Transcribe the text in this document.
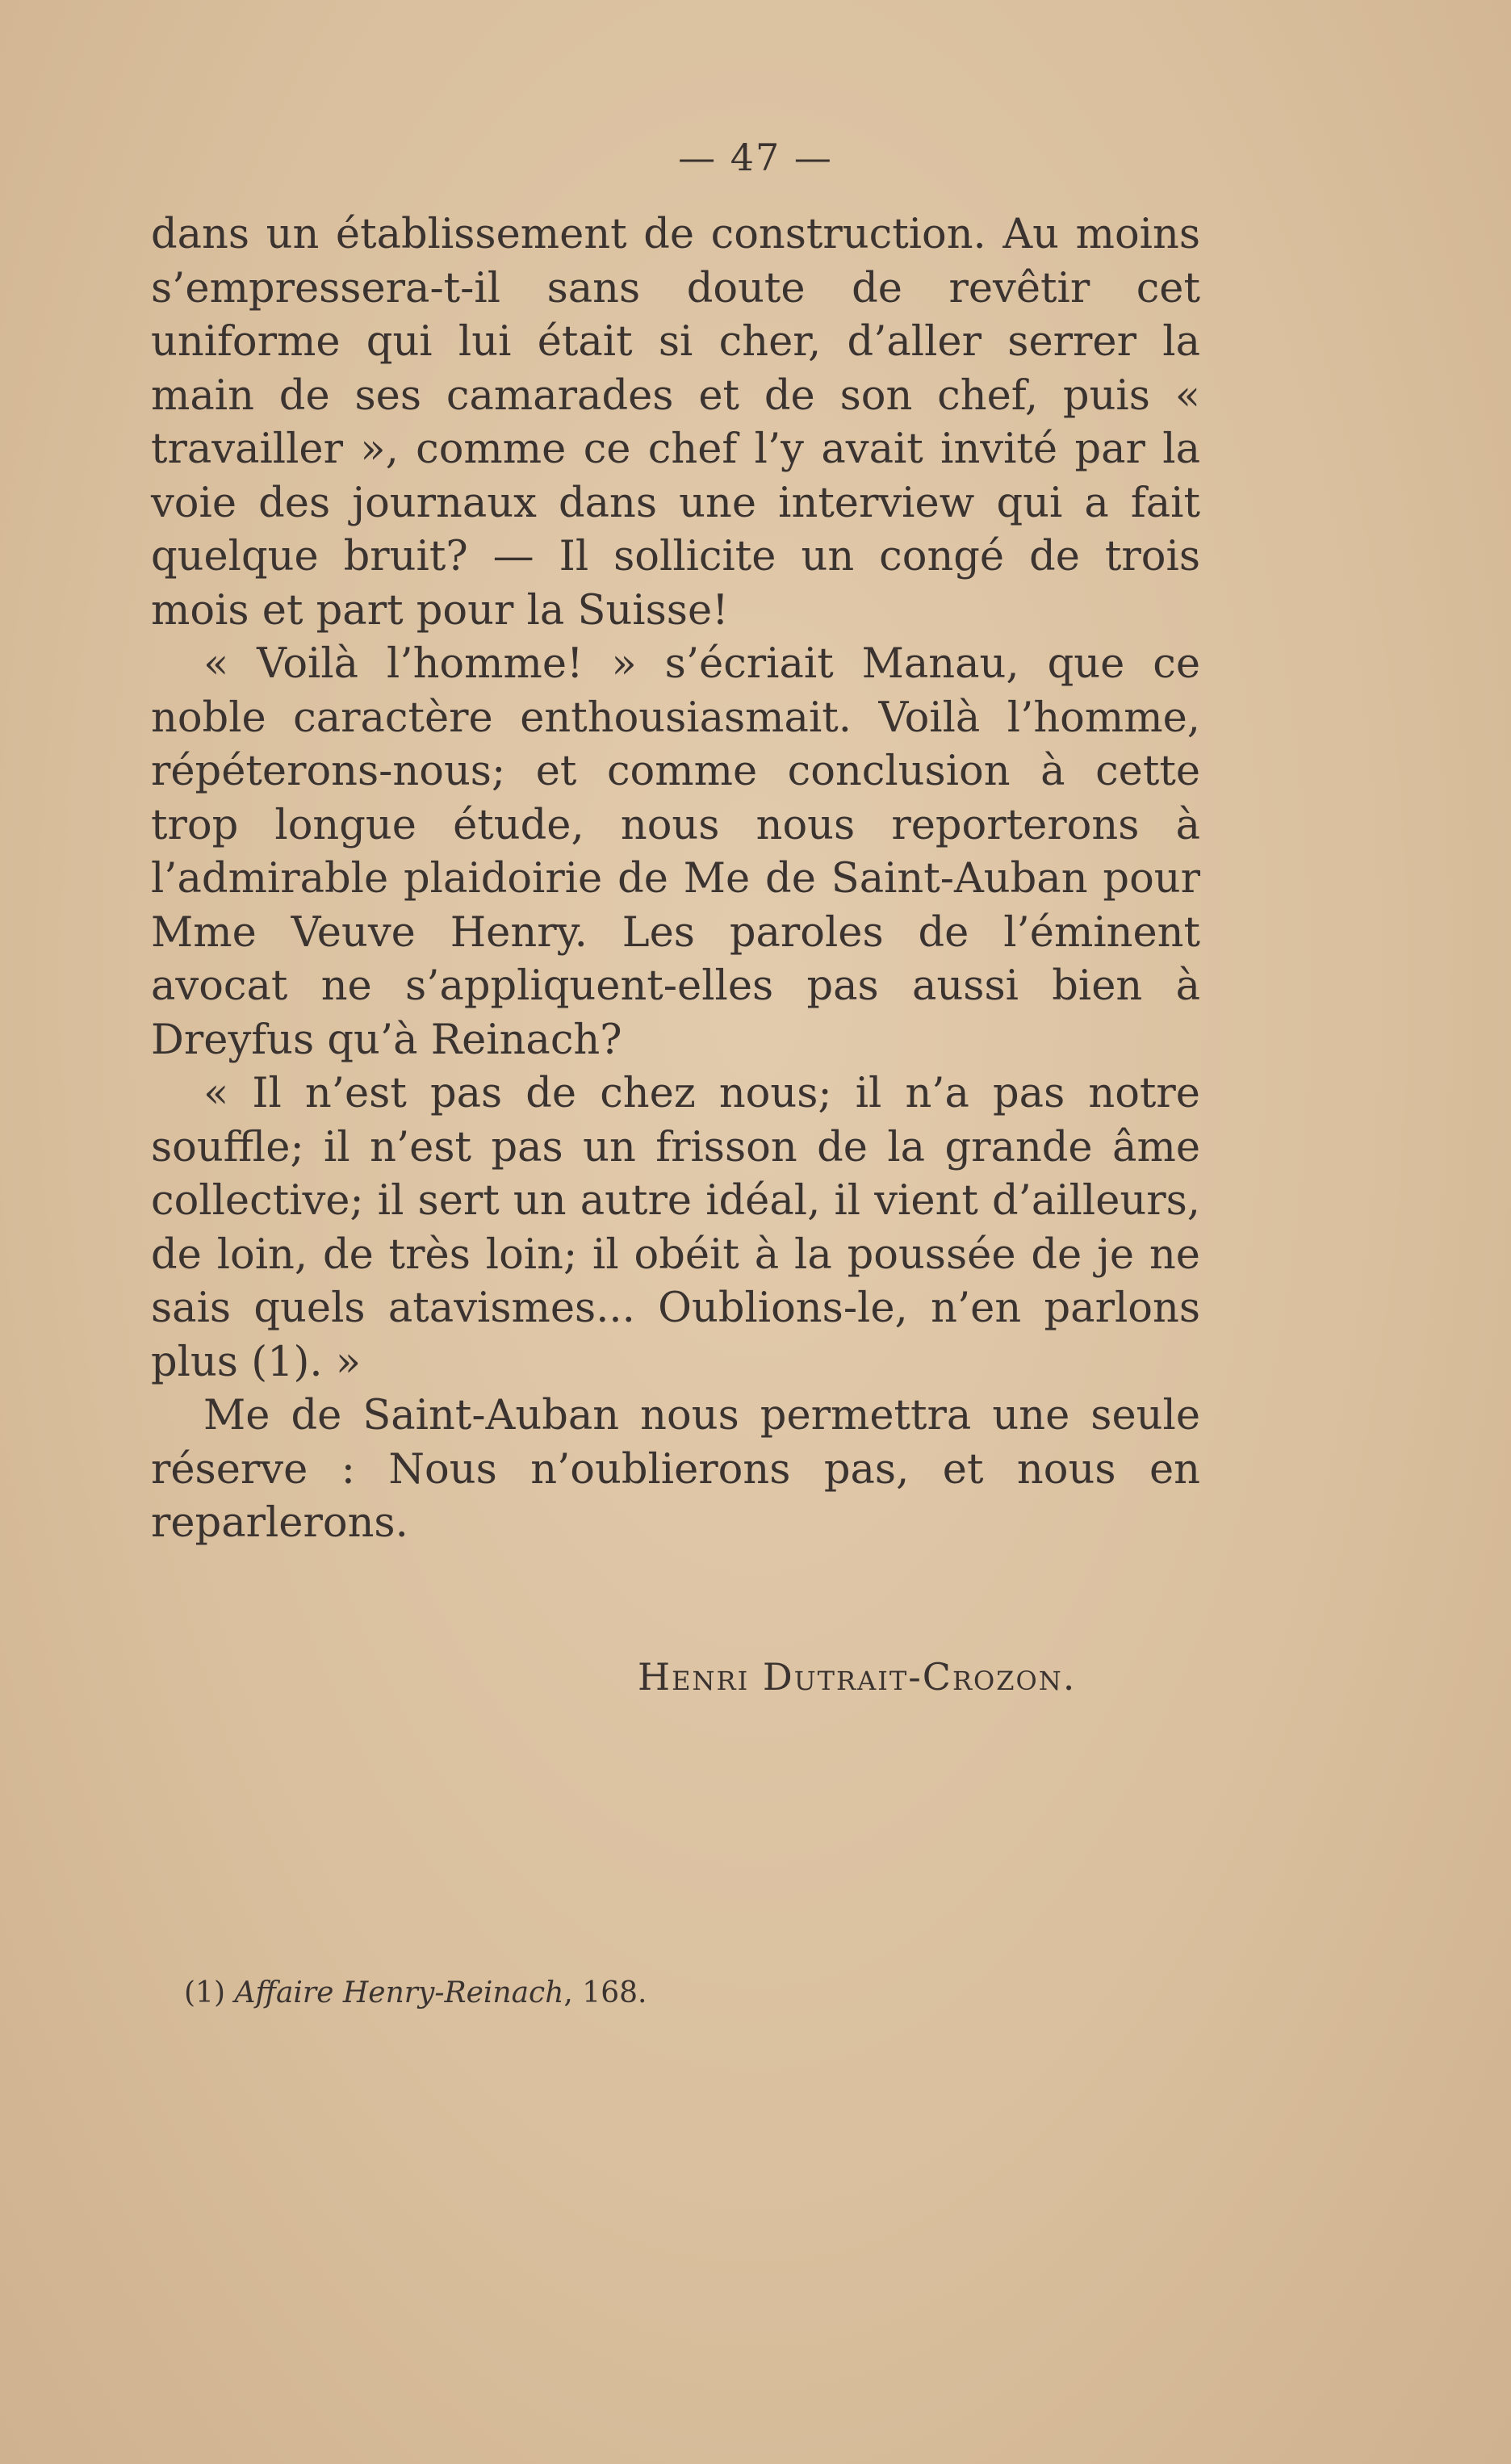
— 47 —

dans un établissement de construction. Au moins s’empressera-t-il sans doute de revêtir cet uniforme qui lui était si cher, d’aller serrer la main de ses camarades et de son chef, puis « travailler », comme ce chef l’y avait invité par la voie des journaux dans une interview qui a fait quelque bruit? — Il sollicite un congé de trois mois et part pour la Suisse!

« Voilà l’homme! » s’écriait Manau, que ce noble caractère enthousiasmait. Voilà l’homme, répéterons-nous; et comme conclusion à cette trop longue étude, nous nous reporterons à l’admirable plaidoirie de Me de Saint-Auban pour Mme Veuve Henry. Les paroles de l’éminent avocat ne s’appliquent-elles pas aussi bien à Dreyfus qu’à Reinach?

« Il n’est pas de chez nous; il n’a pas notre souffle; il n’est pas un frisson de la grande âme collective; il sert un autre idéal, il vient d’ailleurs, de loin, de très loin; il obéit à la poussée de je ne sais quels atavismes... Oublions-le, n’en parlons plus (1). »

Me de Saint-Auban nous permettra une seule réserve : Nous n’oublierons pas, et nous en reparlerons.

Henri Dutrait-Crozon.
(1) Affaire Henry-Reinach, 168.
